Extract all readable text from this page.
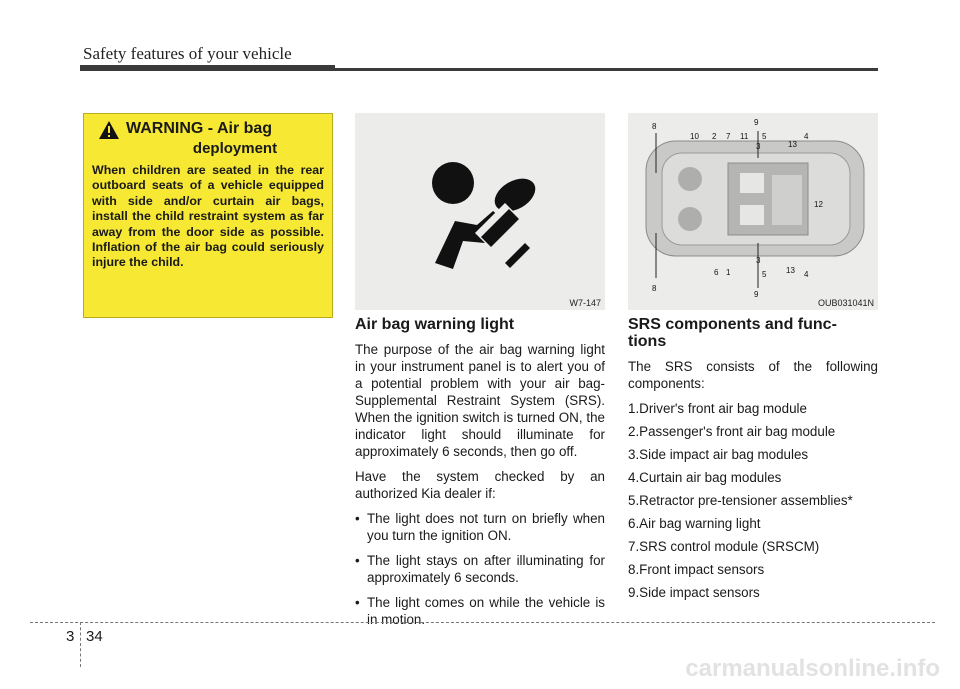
Safety features of your vehicle
WARNING - Air bag
deployment
When children are seated in the rear outboard seats of a vehicle equipped with side and/or curtain air bags, install the child restraint system as far away from the door side as possible. Inflation of the air bag could seriously injure the child.
W7-147
8
8
9
9
10 2 7 11 5
3	13
4
12
3
6 1	5 13 4
OUB031041N
Air bag warning light

The purpose of the air bag warning light in your instrument panel is to alert you of a potential problem with your air bag-Supplemental Restraint System (SRS). When the ignition switch is turned ON, the indicator light should illuminate for approximately 6 seconds, then go off.

Have the system checked by an authorized Kia dealer if:

• The light does not turn on briefly when you turn the ignition ON.
• The light stays on after illuminating for approximately 6 seconds.
• The light comes on while the vehicle is in motion.
SRS components and func-
tions

The SRS consists of the following components:

1.Driver's front air bag module
2.Passenger's front air bag module
3.Side impact air bag modules
4.Curtain air bag modules
5.Retractor pre-tensioner assemblies*
6.Air bag warning light
7.SRS control module (SRSCM)
8.Front impact sensors
9.Side impact sensors
3 34
carmanualsonline.info
